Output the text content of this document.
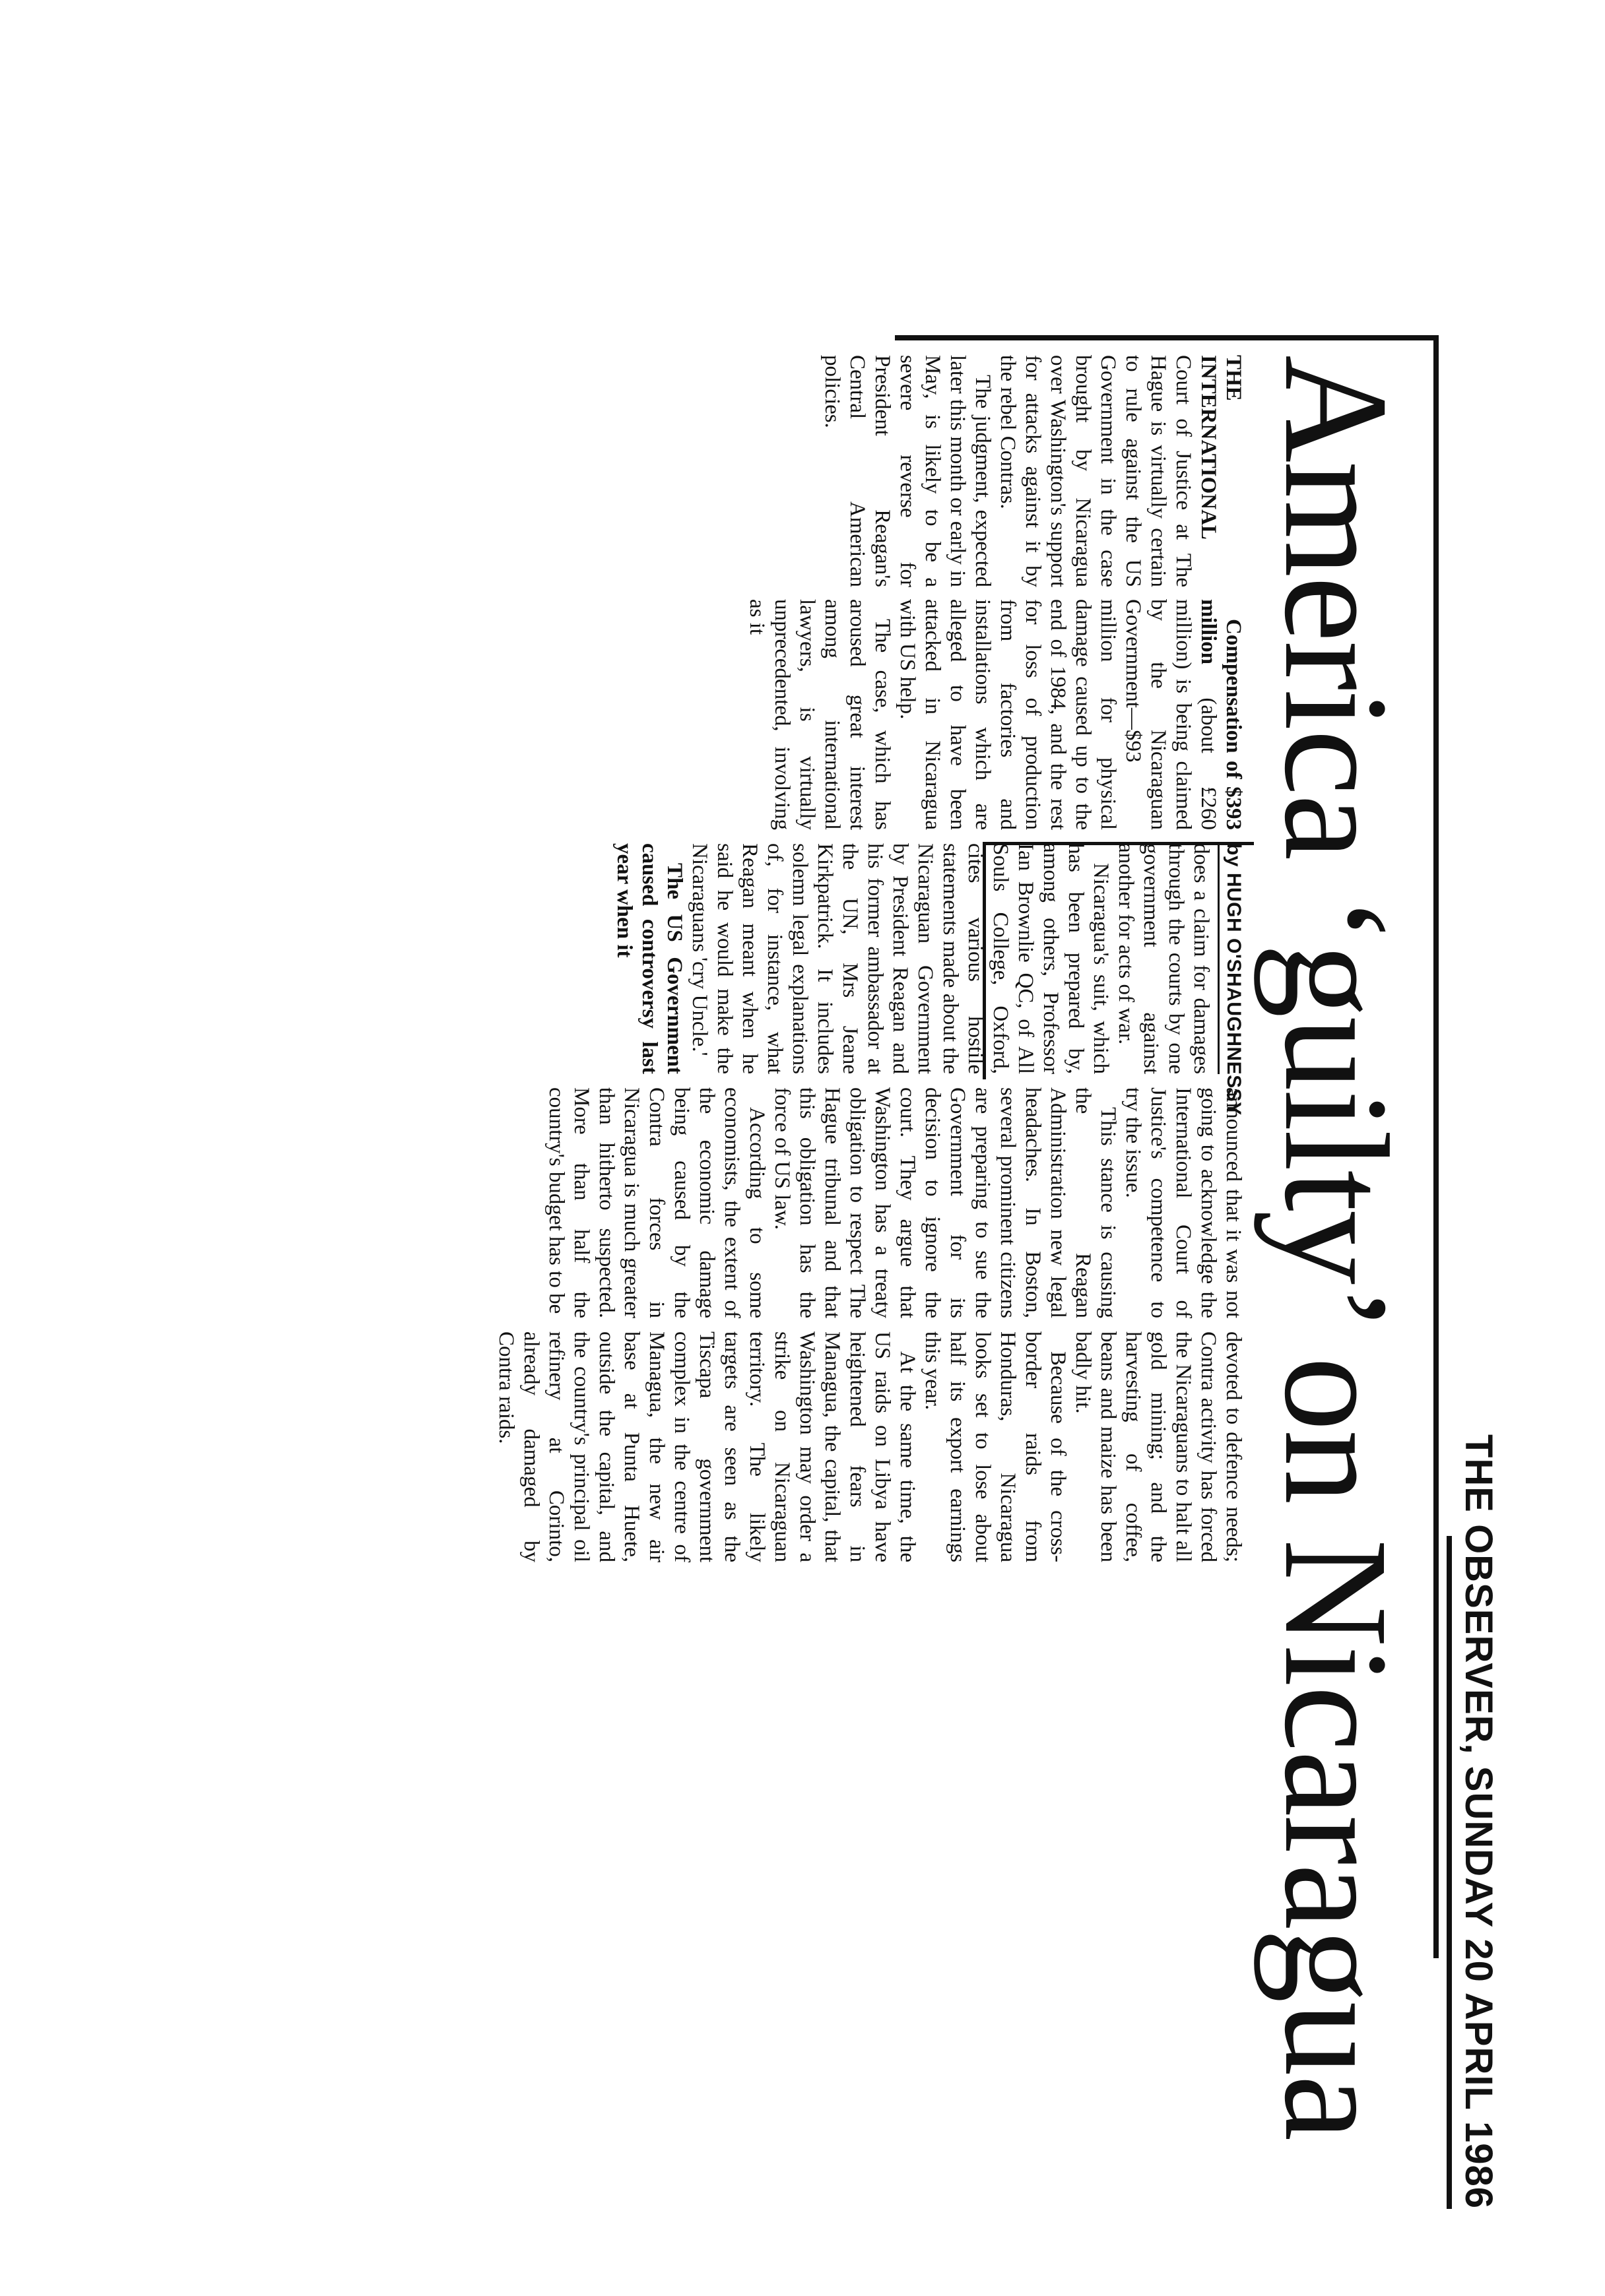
THE OBSERVER, SUNDAY 20 APRIL 1986
America ‘guilty’ on Nicaragua

THE INTERNATIONAL Court of Justice at The Hague is virtually certain to rule against the US Government in the case brought by Nicaragua over Washington's support for attacks against it by the rebel Contras.

The judgment, expected later this month or early in May, is likely to be a severe reverse for President Reagan's Central American policies.

Compensation of $393 million (about £260 million) is being claimed by the Nicaraguan Government—$93 million for physical damage caused up to the end of 1984, and the rest for loss of production from factories and installations which are alleged to have been attacked in Nicaragua with US help.

The case, which has aroused great interest among international lawyers, is virtually unprecedented, involving as it

by HUGH O'SHAUGHNESSY

does a claim for damages through the courts by one government against another for acts of war.

Nicaragua's suit, which has been prepared by, among others, Professor Ian Brownlie QC, of All Souls College, Oxford, cites various hostile statements made about the Nicaraguan Government by President Reagan and his former ambassador at the UN, Mrs Jeane Kirkpatrick. It includes solemn legal explanations of, for instance, what Reagan meant when he said he would make the Nicaraguans 'cry Uncle.'

The US Government caused controversy last year when it

announced that it was not going to acknowledge the International Court of Justice's competence to try the issue.

This stance is causing the Reagan Administration new legal headaches. In Boston, several prominent citizens are preparing to sue the Government for its decision to ignore the court. They argue that Washington has a treaty obligation to respect The Hague tribunal and that this obligation has the force of US law.

According to some economists, the extent of the economic damage being caused by the Contra forces in Nicaragua is much greater than hitherto suspected. More than half the country's budget has to be

devoted to defence needs; Contra activity has forced the Nicaraguans to halt all gold mining; and the harvesting of coffee, beans and maize has been badly hit.

Because of the cross-border raids from Honduras, Nicaragua looks set to lose about half its export earnings this year.

At the same time, the US raids on Libya have heightened fears in Managua, the capital, that Washington may order a strike on Nicaraguan territory. The likely targets are seen as the Tiscapa government complex in the centre of Managua, the new air base at Punta Huete, outside the capital, and the country's principal oil refinery at Corinto, already damaged by Contra raids.
